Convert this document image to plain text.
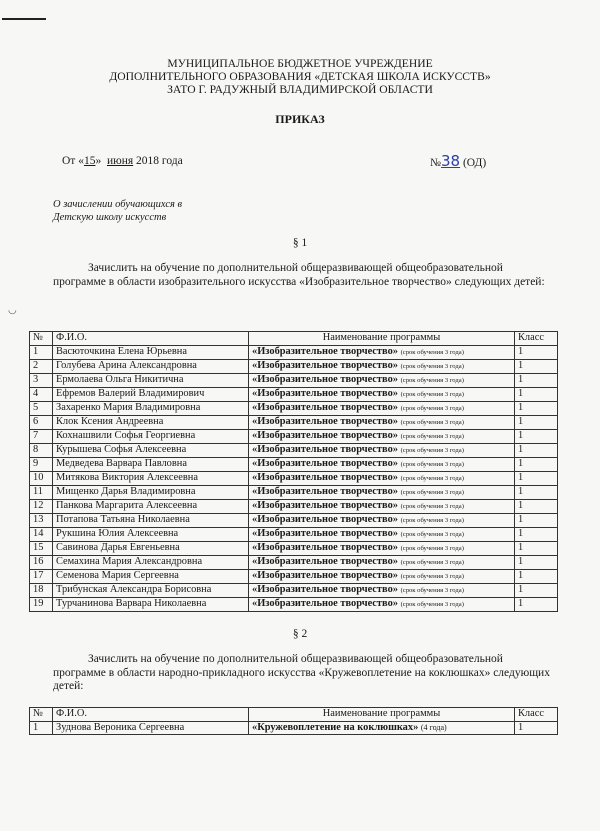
МУНИЦИПАЛЬНОЕ БЮДЖЕТНОЕ УЧРЕЖДЕНИЕ
ДОПОЛНИТЕЛЬНОГО ОБРАЗОВАНИЯ «ДЕТСКАЯ ШКОЛА ИСКУССТВ»
ЗАТО Г. РАДУЖНЫЙ ВЛАДИМИРСКОЙ ОБЛАСТИ
ПРИКАЗ
От «15» июня 2018 года	№38 (ОД)
О зачислении обучающихся в
Детскую школу искусств
§ 1
Зачислить на обучение по дополнительной общеразвивающей общеобразовательной программе в области изобразительного искусства «Изобразительное творчество» следующих детей:
◡
№	Ф.И.О.	Наименование программы	Класс
1	Васюточкина Елена Юрьевна	«Изобразительное творчество» (срок обучения 3 года)	1
2	Голубева Арина Александровна	«Изобразительное творчество» (срок обучения 3 года)	1
3	Ермолаева Ольга Никитична	«Изобразительное творчество» (срок обучения 3 года)	1
4	Ефремов Валерий Владимирович	«Изобразительное творчество» (срок обучения 3 года)	1
5	Захаренко Мария Владимировна	«Изобразительное творчество» (срок обучения 3 года)	1
6	Клок Ксения Андреевна	«Изобразительное творчество» (срок обучения 3 года)	1
7	Кохнашвили Софья Георгиевна	«Изобразительное творчество» (срок обучения 3 года)	1
8	Курышева Софья Алексеевна	«Изобразительное творчество» (срок обучения 3 года)	1
9	Медведева Варвара Павловна	«Изобразительное творчество» (срок обучения 3 года)	1
10	Митякова Виктория Алексеевна	«Изобразительное творчество» (срок обучения 3 года)	1
11	Мищенко Дарья Владимировна	«Изобразительное творчество» (срок обучения 3 года)	1
12	Панкова Маргарита Алексеевна	«Изобразительное творчество» (срок обучения 3 года)	1
13	Потапова Татьяна Николаевна	«Изобразительное творчество» (срок обучения 3 года)	1
14	Рукшина Юлия Алексеевна	«Изобразительное творчество» (срок обучения 3 года)	1
15	Савинова Дарья Евгеньевна	«Изобразительное творчество» (срок обучения 3 года)	1
16	Семахина Мария Александровна	«Изобразительное творчество» (срок обучения 3 года)	1
17	Семенова Мария Сергеевна	«Изобразительное творчество» (срок обучения 3 года)	1
18	Трибунская Александра Борисовна	«Изобразительное творчество» (срок обучения 3 года)	1
19	Турчанинова Варвара Николаевна	«Изобразительное творчество» (срок обучения 3 года)	1
§ 2
Зачислить на обучение по дополнительной общеразвивающей общеобразовательной программе в области народно-прикладного искусства «Кружевоплетение на коклюшках» следующих детей:
№	Ф.И.О.	Наименование программы	Класс
1	Зуднова Вероника Сергеевна	«Кружевоплетение на коклюшках» (4 года)	1
